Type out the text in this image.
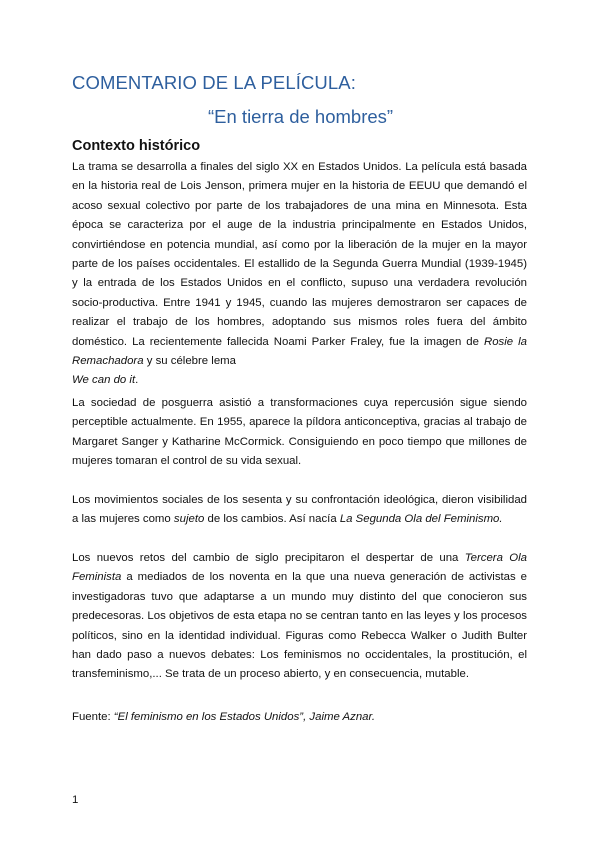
COMENTARIO DE LA PELÍCULA:
“En tierra de hombres”
Contexto histórico
La trama se desarrolla a finales del siglo XX en Estados Unidos. La película está basada en la historia real de Lois Jenson, primera mujer en la historia de EEUU que demandó el acoso sexual colectivo por parte de los trabajadores de una mina en Minnesota. Esta época se caracteriza por el auge de la industria principalmente en Estados Unidos, convirtiéndose en potencia mundial, así como por la liberación de la mujer en la mayor parte de los países occidentales. El estallido de la Segunda Guerra Mundial (1939-1945) y la entrada de los Estados Unidos en el conflicto, supuso una verdadera revolución socio-productiva. Entre 1941 y 1945, cuando las mujeres demostraron ser capaces de realizar el trabajo de los hombres, adoptando sus mismos roles fuera del ámbito doméstico. La recientemente fallecida Noami Parker Fraley, fue la imagen de Rosie la Remachadora y su célebre lema
We can do it.
La sociedad de posguerra asistió a transformaciones cuya repercusión sigue siendo perceptible actualmente. En 1955, aparece la píldora anticonceptiva, gracias al trabajo de Margaret Sanger y Katharine McCormick. Consiguiendo en poco tiempo que millones de mujeres tomaran el control de su vida sexual.
Los movimientos sociales de los sesenta y su confrontación ideológica, dieron visibilidad a las mujeres como sujeto de los cambios. Así nacía La Segunda Ola del Feminismo.
Los nuevos retos del cambio de siglo precipitaron el despertar de una Tercera Ola Feminista a mediados de los noventa en la que una nueva generación de activistas e investigadoras tuvo que adaptarse a un mundo muy distinto del que conocieron sus predecesoras. Los objetivos de esta etapa no se centran tanto en las leyes y los procesos políticos, sino en la identidad individual. Figuras como Rebecca Walker o Judith Bulter han dado paso a nuevos debates: Los feminismos no occidentales, la prostitución, el transfeminismo,... Se trata de un proceso abierto, y en consecuencia, mutable.
Fuente: “El feminismo en los Estados Unidos”, Jaime Aznar.
1
